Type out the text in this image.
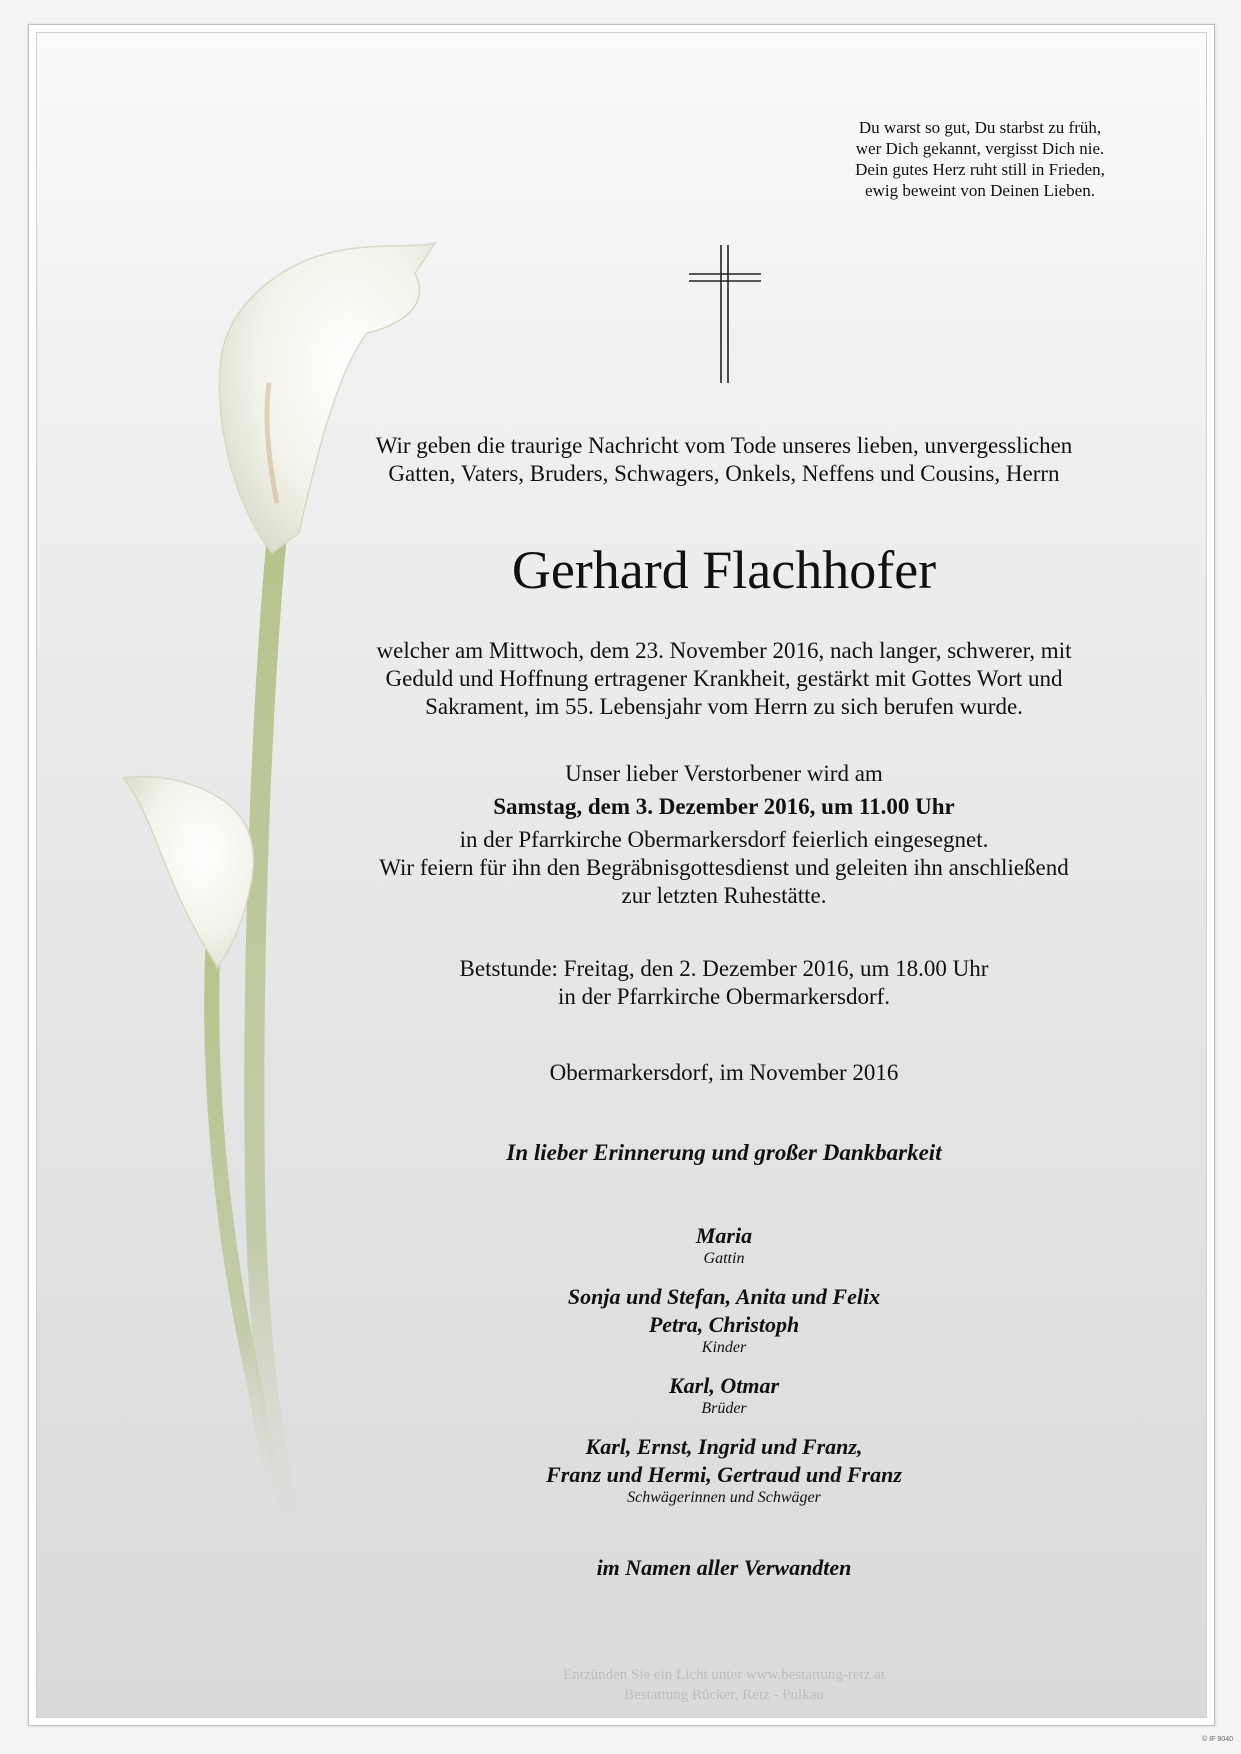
Du warst so gut, Du starbst zu früh,
wer Dich gekannt, vergisst Dich nie.
Dein gutes Herz ruht still in Frieden,
ewig beweint von Deinen Lieben.
Wir geben die traurige Nachricht vom Tode unseres lieben, unvergesslichen
Gatten, Vaters, Bruders, Schwagers, Onkels, Neffens und Cousins, Herrn
Gerhard Flachhofer
welcher am Mittwoch, dem 23. November 2016, nach langer, schwerer, mit
Geduld und Hoffnung ertragener Krankheit, gestärkt mit Gottes Wort und
Sakrament, im 55. Lebensjahr vom Herrn zu sich berufen wurde.
Unser lieber Verstorbener wird am
Samstag, dem 3. Dezember 2016, um 11.00 Uhr
in der Pfarrkirche Obermarkersdorf feierlich eingesegnet.
Wir feiern für ihn den Begräbnisgottesdienst und geleiten ihn anschließend
zur letzten Ruhestätte.
Betstunde: Freitag, den 2. Dezember 2016, um 18.00 Uhr
in der Pfarrkirche Obermarkersdorf.
Obermarkersdorf, im November 2016
In lieber Erinnerung und großer Dankbarkeit
Maria
Gattin
Sonja und Stefan, Anita und Felix
Petra, Christoph
Kinder
Karl, Otmar
Brüder
Karl, Ernst, Ingrid und Franz,
Franz und Hermi, Gertraud und Franz
Schwägerinnen und Schwäger
im Namen aller Verwandten
Entzünden Sie ein Licht unter www.bestattung-retz.at
Bestattung Rücker, Retz - Pulkau
© IF 9040
